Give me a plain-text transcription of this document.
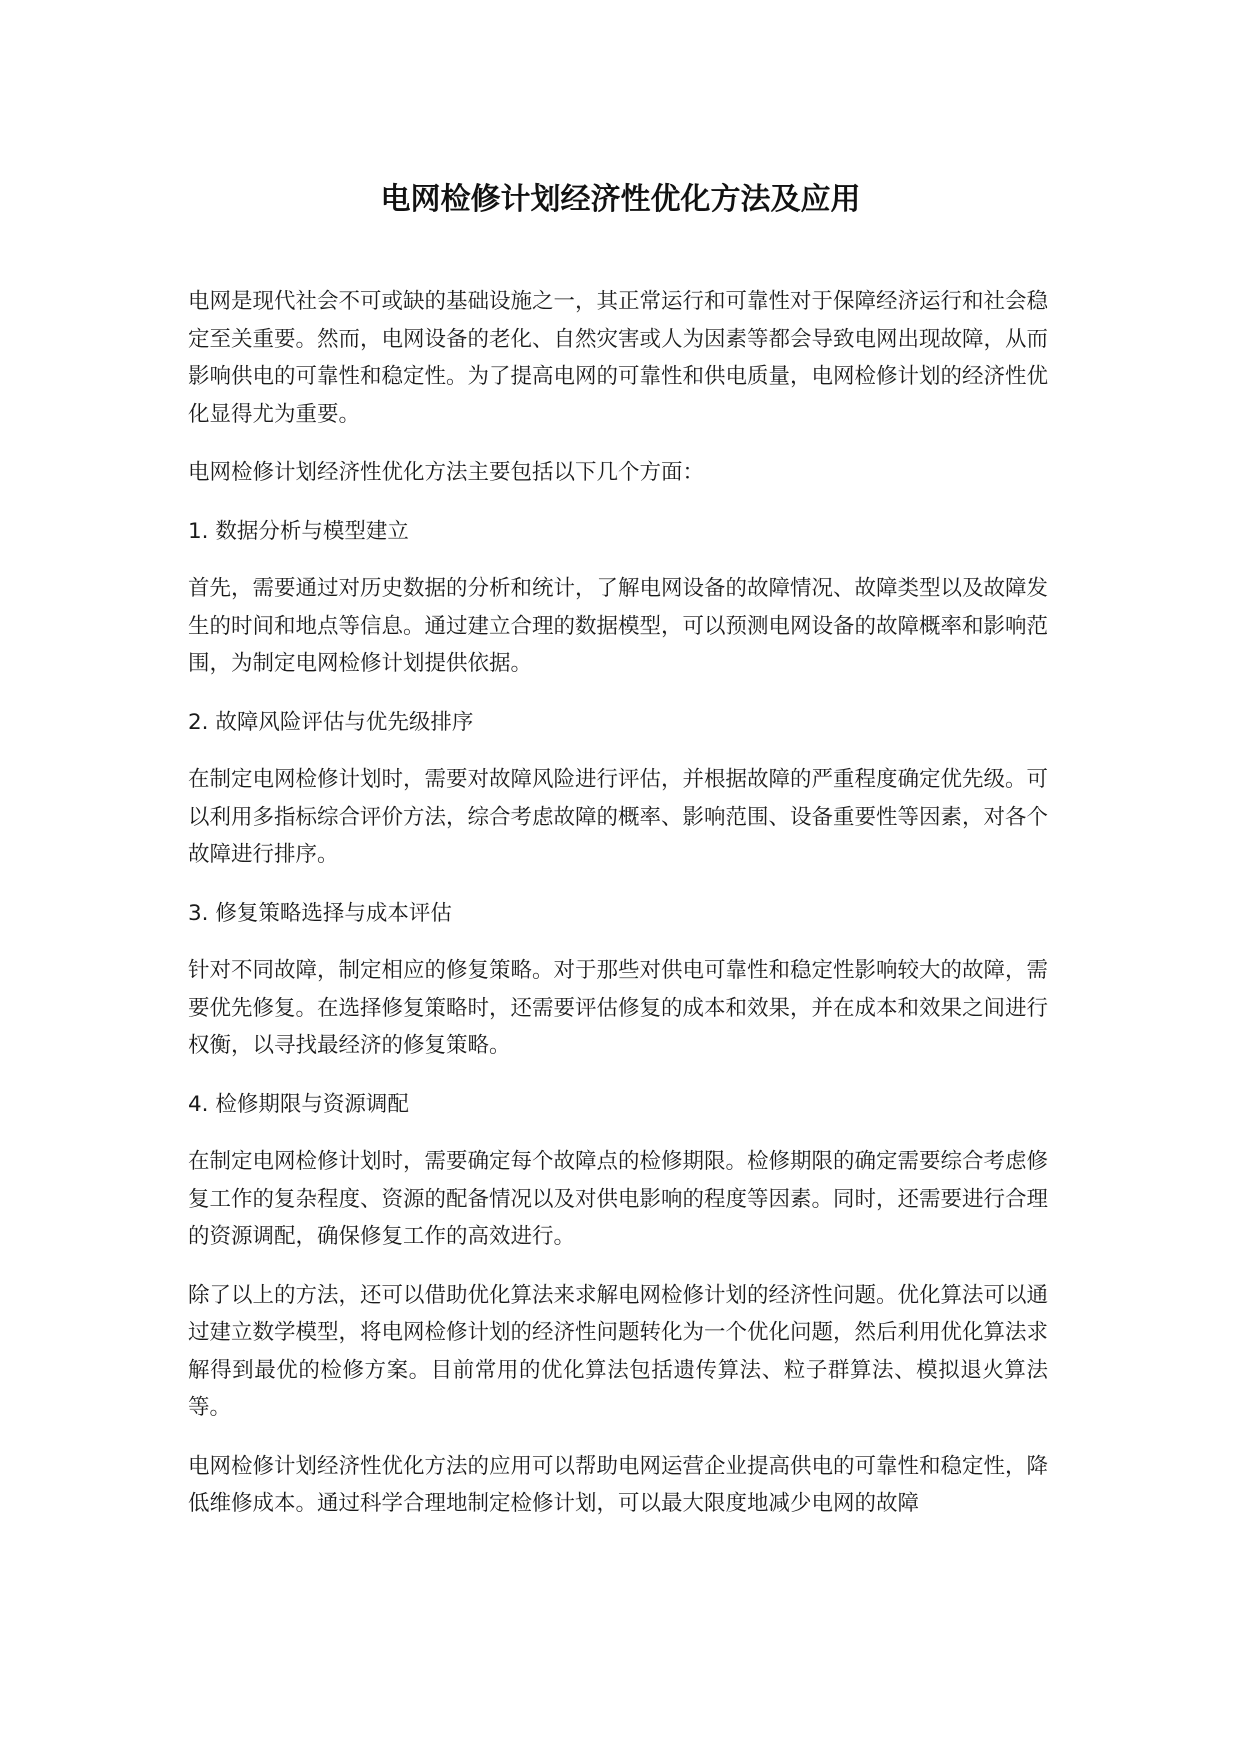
电网检修计划经济性优化方法及应用

电网是现代社会不可或缺的基础设施之一，其正常运行和可靠性对于保障经济运行和社会稳定至关重要。然而，电网设备的老化、自然灾害或人为因素等都会导致电网出现故障，从而影响供电的可靠性和稳定性。为了提高电网的可靠性和供电质量，电网检修计划的经济性优化显得尤为重要。

电网检修计划经济性优化方法主要包括以下几个方面：

1. 数据分析与模型建立

首先，需要通过对历史数据的分析和统计，了解电网设备的故障情况、故障类型以及故障发生的时间和地点等信息。通过建立合理的数据模型，可以预测电网设备的故障概率和影响范围，为制定电网检修计划提供依据。

2. 故障风险评估与优先级排序

在制定电网检修计划时，需要对故障风险进行评估，并根据故障的严重程度确定优先级。可以利用多指标综合评价方法，综合考虑故障的概率、影响范围、设备重要性等因素，对各个故障进行排序。

3. 修复策略选择与成本评估

针对不同故障，制定相应的修复策略。对于那些对供电可靠性和稳定性影响较大的故障，需要优先修复。在选择修复策略时，还需要评估修复的成本和效果，并在成本和效果之间进行权衡，以寻找最经济的修复策略。

4. 检修期限与资源调配

在制定电网检修计划时，需要确定每个故障点的检修期限。检修期限的确定需要综合考虑修复工作的复杂程度、资源的配备情况以及对供电影响的程度等因素。同时，还需要进行合理的资源调配，确保修复工作的高效进行。

除了以上的方法，还可以借助优化算法来求解电网检修计划的经济性问题。优化算法可以通过建立数学模型，将电网检修计划的经济性问题转化为一个优化问题，然后利用优化算法求解得到最优的检修方案。目前常用的优化算法包括遗传算法、粒子群算法、模拟退火算法等。

电网检修计划经济性优化方法的应用可以帮助电网运营企业提高供电的可靠性和稳定性，降低维修成本。通过科学合理地制定检修计划，可以最大限度地减少电网的故障
